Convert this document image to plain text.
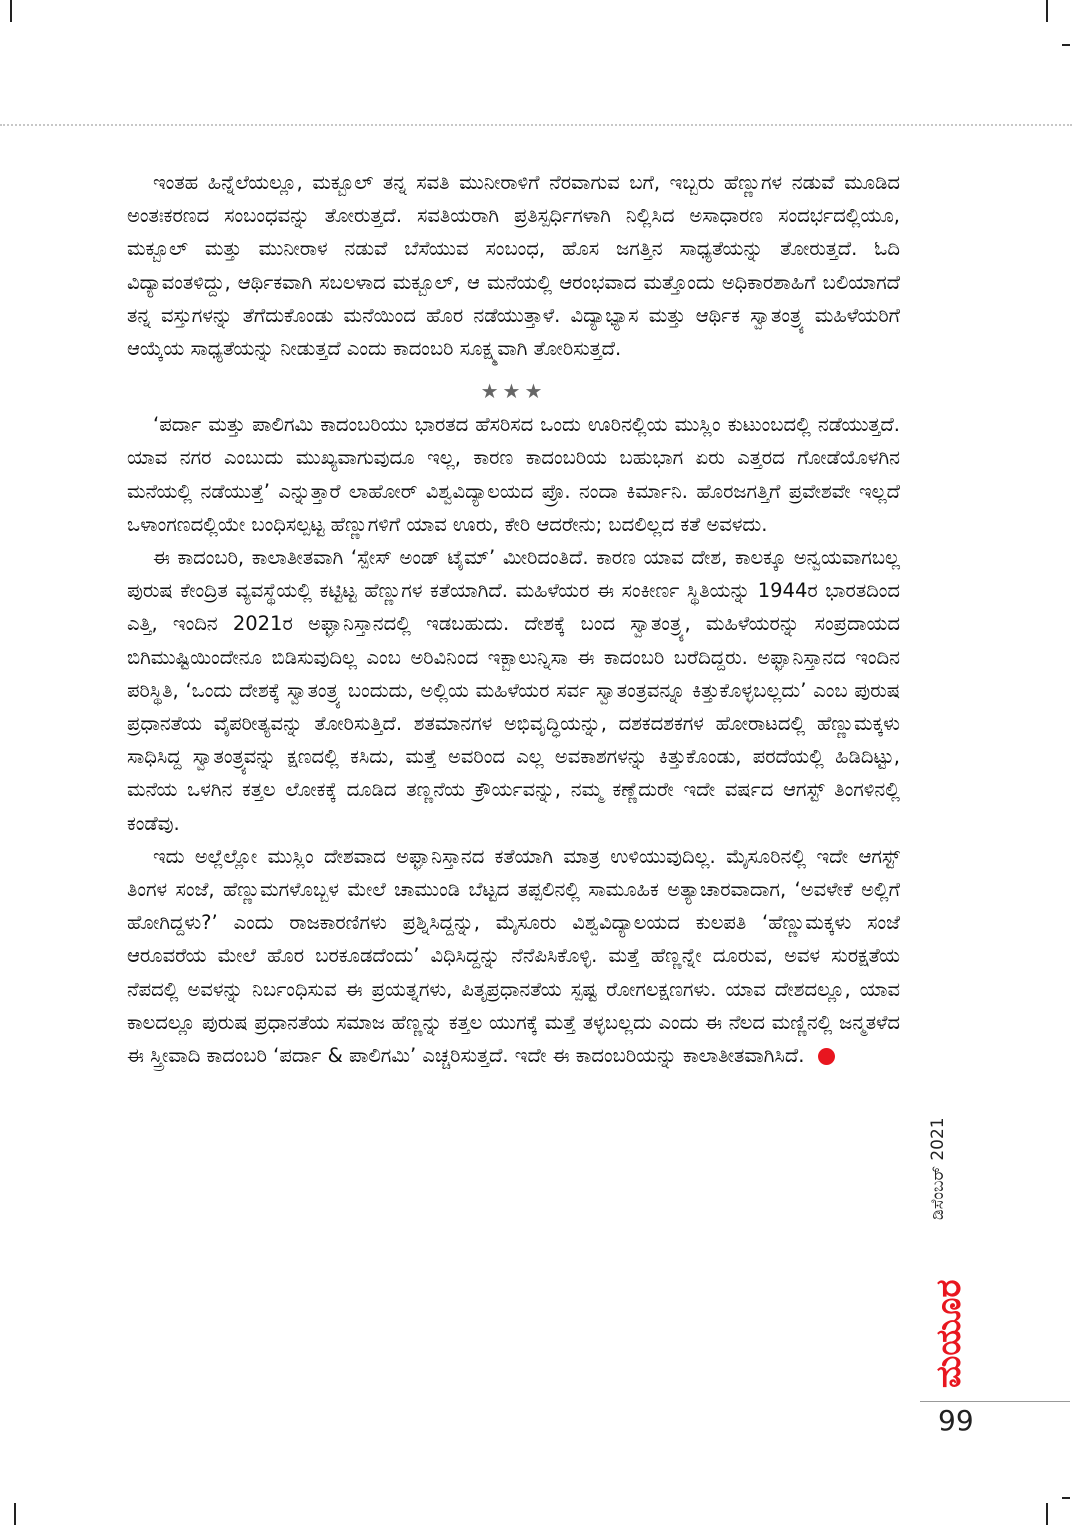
ಇಂತಹ ಹಿನ್ನೆಲೆಯಲ್ಲೂ, ಮಕ್ಬೂಲ್ ತನ್ನ ಸವತಿ ಮುನೀರಾಳಿಗೆ ನೆರವಾಗುವ ಬಗೆ, ಇಬ್ಬರು ಹೆಣ್ಣುಗಳ ನಡುವೆ ಮೂಡಿದ ಅಂತಃಕರಣದ ಸಂಬಂಧವನ್ನು ತೋರುತ್ತದೆ. ಸವತಿಯರಾಗಿ ಪ್ರತಿಸ್ಪರ್ಧಿಗಳಾಗಿ ನಿಲ್ಲಿಸಿದ ಅಸಾಧಾರಣ ಸಂದರ್ಭದಲ್ಲಿಯೂ, ಮಕ್ಬೂಲ್ ಮತ್ತು ಮುನೀರಾಳ ನಡುವೆ ಬೆಸೆಯುವ ಸಂಬಂಧ, ಹೊಸ ಜಗತ್ತಿನ ಸಾಧ್ಯತೆಯನ್ನು ತೋರುತ್ತದೆ. ಓದಿ ವಿದ್ಯಾವಂತಳಿದ್ದು, ಆರ್ಥಿಕವಾಗಿ ಸಬಲಳಾದ ಮಕ್ಬೂಲ್, ಆ ಮನೆಯಲ್ಲಿ ಆರಂಭವಾದ ಮತ್ತೊಂದು ಅಧಿಕಾರಶಾಹಿಗೆ ಬಲಿಯಾಗದೆ ತನ್ನ ವಸ್ತುಗಳನ್ನು ತೆಗೆದುಕೊಂಡು ಮನೆಯಿಂದ ಹೊರ ನಡೆಯುತ್ತಾಳೆ. ವಿದ್ಯಾಭ್ಯಾಸ ಮತ್ತು ಆರ್ಥಿಕ ಸ್ವಾತಂತ್ರ್ಯ ಮಹಿಳೆಯರಿಗೆ ಆಯ್ಕೆಯ ಸಾಧ್ಯತೆಯನ್ನು ನೀಡುತ್ತದೆ ಎಂದು ಕಾದಂಬರಿ ಸೂಕ್ಷ್ಮವಾಗಿ ತೋರಿಸುತ್ತದೆ.

★★★

‘ಪರ್ದಾ ಮತ್ತು ಪಾಲಿಗಮಿ ಕಾದಂಬರಿಯು ಭಾರತದ ಹೆಸರಿಸದ ಒಂದು ಊರಿನಲ್ಲಿಯ ಮುಸ್ಲಿಂ ಕುಟುಂಬದಲ್ಲಿ ನಡೆಯುತ್ತದೆ. ಯಾವ ನಗರ ಎಂಬುದು ಮುಖ್ಯವಾಗುವುದೂ ಇಲ್ಲ, ಕಾರಣ ಕಾದಂಬರಿಯ ಬಹುಭಾಗ ಏರು ಎತ್ತರದ ಗೋಡೆಯೊಳಗಿನ ಮನೆಯಲ್ಲಿ ನಡೆಯುತ್ತೆ’ ಎನ್ನುತ್ತಾರೆ ಲಾಹೋರ್ ವಿಶ್ವವಿದ್ಯಾಲಯದ ಪ್ರೊ. ನಂದಾ ಕಿರ್ಮಾನಿ. ಹೊರಜಗತ್ತಿಗೆ ಪ್ರವೇಶವೇ ಇಲ್ಲದೆ ಒಳಾಂಗಣದಲ್ಲಿಯೇ ಬಂಧಿಸಲ್ಪಟ್ಟ ಹೆಣ್ಣುಗಳಿಗೆ ಯಾವ ಊರು, ಕೇರಿ ಆದರೇನು; ಬದಲಿಲ್ಲದ ಕತೆ ಅವಳದು.

ಈ ಕಾದಂಬರಿ, ಕಾಲಾತೀತವಾಗಿ ‘ಸ್ಪೇಸ್ ಅಂಡ್ ಟೈಮ್’ ಮೀರಿದಂತಿದೆ. ಕಾರಣ ಯಾವ ದೇಶ, ಕಾಲಕ್ಕೂ ಅನ್ವಯವಾಗಬಲ್ಲ ಪುರುಷ ಕೇಂದ್ರಿತ ವ್ಯವಸ್ಥೆಯಲ್ಲಿ ಕಟ್ಟಿಟ್ಟ ಹೆಣ್ಣುಗಳ ಕತೆಯಾಗಿದೆ. ಮಹಿಳೆಯರ ಈ ಸಂಕೀರ್ಣ ಸ್ಥಿತಿಯನ್ನು 1944ರ ಭಾರತದಿಂದ ಎತ್ತಿ, ಇಂದಿನ 2021ರ ಅಫ್ಘಾನಿಸ್ತಾನದಲ್ಲಿ ಇಡಬಹುದು. ದೇಶಕ್ಕೆ ಬಂದ ಸ್ವಾತಂತ್ರ್ಯ, ಮಹಿಳೆಯರನ್ನು ಸಂಪ್ರದಾಯದ ಬಿಗಿಮುಷ್ಟಿಯಿಂದೇನೂ ಬಿಡಿಸುವುದಿಲ್ಲ ಎಂಬ ಅರಿವಿನಿಂದ ಇಕ್ಬಾಲುನ್ನಿಸಾ ಈ ಕಾದಂಬರಿ ಬರೆದಿದ್ದರು. ಅಫ್ಘಾನಿಸ್ತಾನದ ಇಂದಿನ ಪರಿಸ್ಥಿತಿ, ‘ಒಂದು ದೇಶಕ್ಕೆ ಸ್ವಾತಂತ್ರ್ಯ ಬಂದುದು, ಅಲ್ಲಿಯ ಮಹಿಳೆಯರ ಸರ್ವ ಸ್ವಾತಂತ್ರವನ್ನೂ ಕಿತ್ತುಕೊಳ್ಳಬಲ್ಲದು’ ಎಂಬ ಪುರುಷ ಪ್ರಧಾನತೆಯ ವೈಪರೀತ್ಯವನ್ನು ತೋರಿಸುತ್ತಿದೆ. ಶತಮಾನಗಳ ಅಭಿವೃದ್ಧಿಯನ್ನು, ದಶಕದಶಕಗಳ ಹೋರಾಟದಲ್ಲಿ ಹೆಣ್ಣುಮಕ್ಕಳು ಸಾಧಿಸಿದ್ದ ಸ್ವಾತಂತ್ರ್ಯವನ್ನು ಕ್ಷಣದಲ್ಲಿ ಕಸಿದು, ಮತ್ತೆ ಅವರಿಂದ ಎಲ್ಲ ಅವಕಾಶಗಳನ್ನು ಕಿತ್ತುಕೊಂಡು, ಪರದೆಯಲ್ಲಿ ಹಿಡಿದಿಟ್ಟು, ಮನೆಯ ಒಳಗಿನ ಕತ್ತಲ ಲೋಕಕ್ಕೆ ದೂಡಿದ ತಣ್ಣನೆಯ ಕ್ರೌರ್ಯವನ್ನು, ನಮ್ಮ ಕಣ್ಣೆದುರೇ ಇದೇ ವರ್ಷದ ಆಗಸ್ಟ್ ತಿಂಗಳಿನಲ್ಲಿ ಕಂಡೆವು.

ಇದು ಅಲ್ಲೆಲ್ಲೋ ಮುಸ್ಲಿಂ ದೇಶವಾದ ಅಫ್ಘಾನಿಸ್ತಾನದ ಕತೆಯಾಗಿ ಮಾತ್ರ ಉಳಿಯುವುದಿಲ್ಲ. ಮೈಸೂರಿನಲ್ಲಿ ಇದೇ ಆಗಸ್ಟ್ ತಿಂಗಳ ಸಂಜೆ, ಹೆಣ್ಣುಮಗಳೊಬ್ಬಳ ಮೇಲೆ ಚಾಮುಂಡಿ ಬೆಟ್ಟದ ತಪ್ಪಲಿನಲ್ಲಿ ಸಾಮೂಹಿಕ ಅತ್ಯಾಚಾರವಾದಾಗ, ‘ಅವಳೇಕೆ ಅಲ್ಲಿಗೆ ಹೋಗಿದ್ದಳು?’ ಎಂದು ರಾಜಕಾರಣಿಗಳು ಪ್ರಶ್ನಿಸಿದ್ದನ್ನು, ಮೈಸೂರು ವಿಶ್ವವಿದ್ಯಾಲಯದ ಕುಲಪತಿ ‘ಹೆಣ್ಣುಮಕ್ಕಳು ಸಂಜೆ ಆರೂವರೆಯ ಮೇಲೆ ಹೊರ ಬರಕೂಡದೆಂದು’ ವಿಧಿಸಿದ್ದನ್ನು ನೆನೆಪಿಸಿಕೊಳ್ಳಿ. ಮತ್ತೆ ಹೆಣ್ಣನ್ನೇ ದೂರುವ, ಅವಳ ಸುರಕ್ಷತೆಯ ನೆಪದಲ್ಲಿ ಅವಳನ್ನು ನಿರ್ಬಂಧಿಸುವ ಈ ಪ್ರಯತ್ನಗಳು, ಪಿತೃಪ್ರಧಾನತೆಯ ಸ್ಪಷ್ಟ ರೋಗಲಕ್ಷಣಗಳು. ಯಾವ ದೇಶದಲ್ಲೂ, ಯಾವ ಕಾಲದಲ್ಲೂ ಪುರುಷ ಪ್ರಧಾನತೆಯ ಸಮಾಜ ಹೆಣ್ಣನ್ನು ಕತ್ತಲ ಯುಗಕ್ಕೆ ಮತ್ತೆ ತಳ್ಳಬಲ್ಲದು ಎಂದು ಈ ನೆಲದ ಮಣ್ಣಿನಲ್ಲಿ ಜನ್ಮತಳೆದ ಈ ಸ್ತ್ರೀವಾದಿ ಕಾದಂಬರಿ ‘ಪರ್ದಾ & ಪಾಲಿಗಮಿ’ ಎಚ್ಚರಿಸುತ್ತದೆ. ಇದೇ ಈ ಕಾದಂಬರಿಯನ್ನು ಕಾಲಾತೀತವಾಗಿಸಿದೆ.

ಡಿಸೆಂಬರ್ 2021
ಮಯೂರ
99
